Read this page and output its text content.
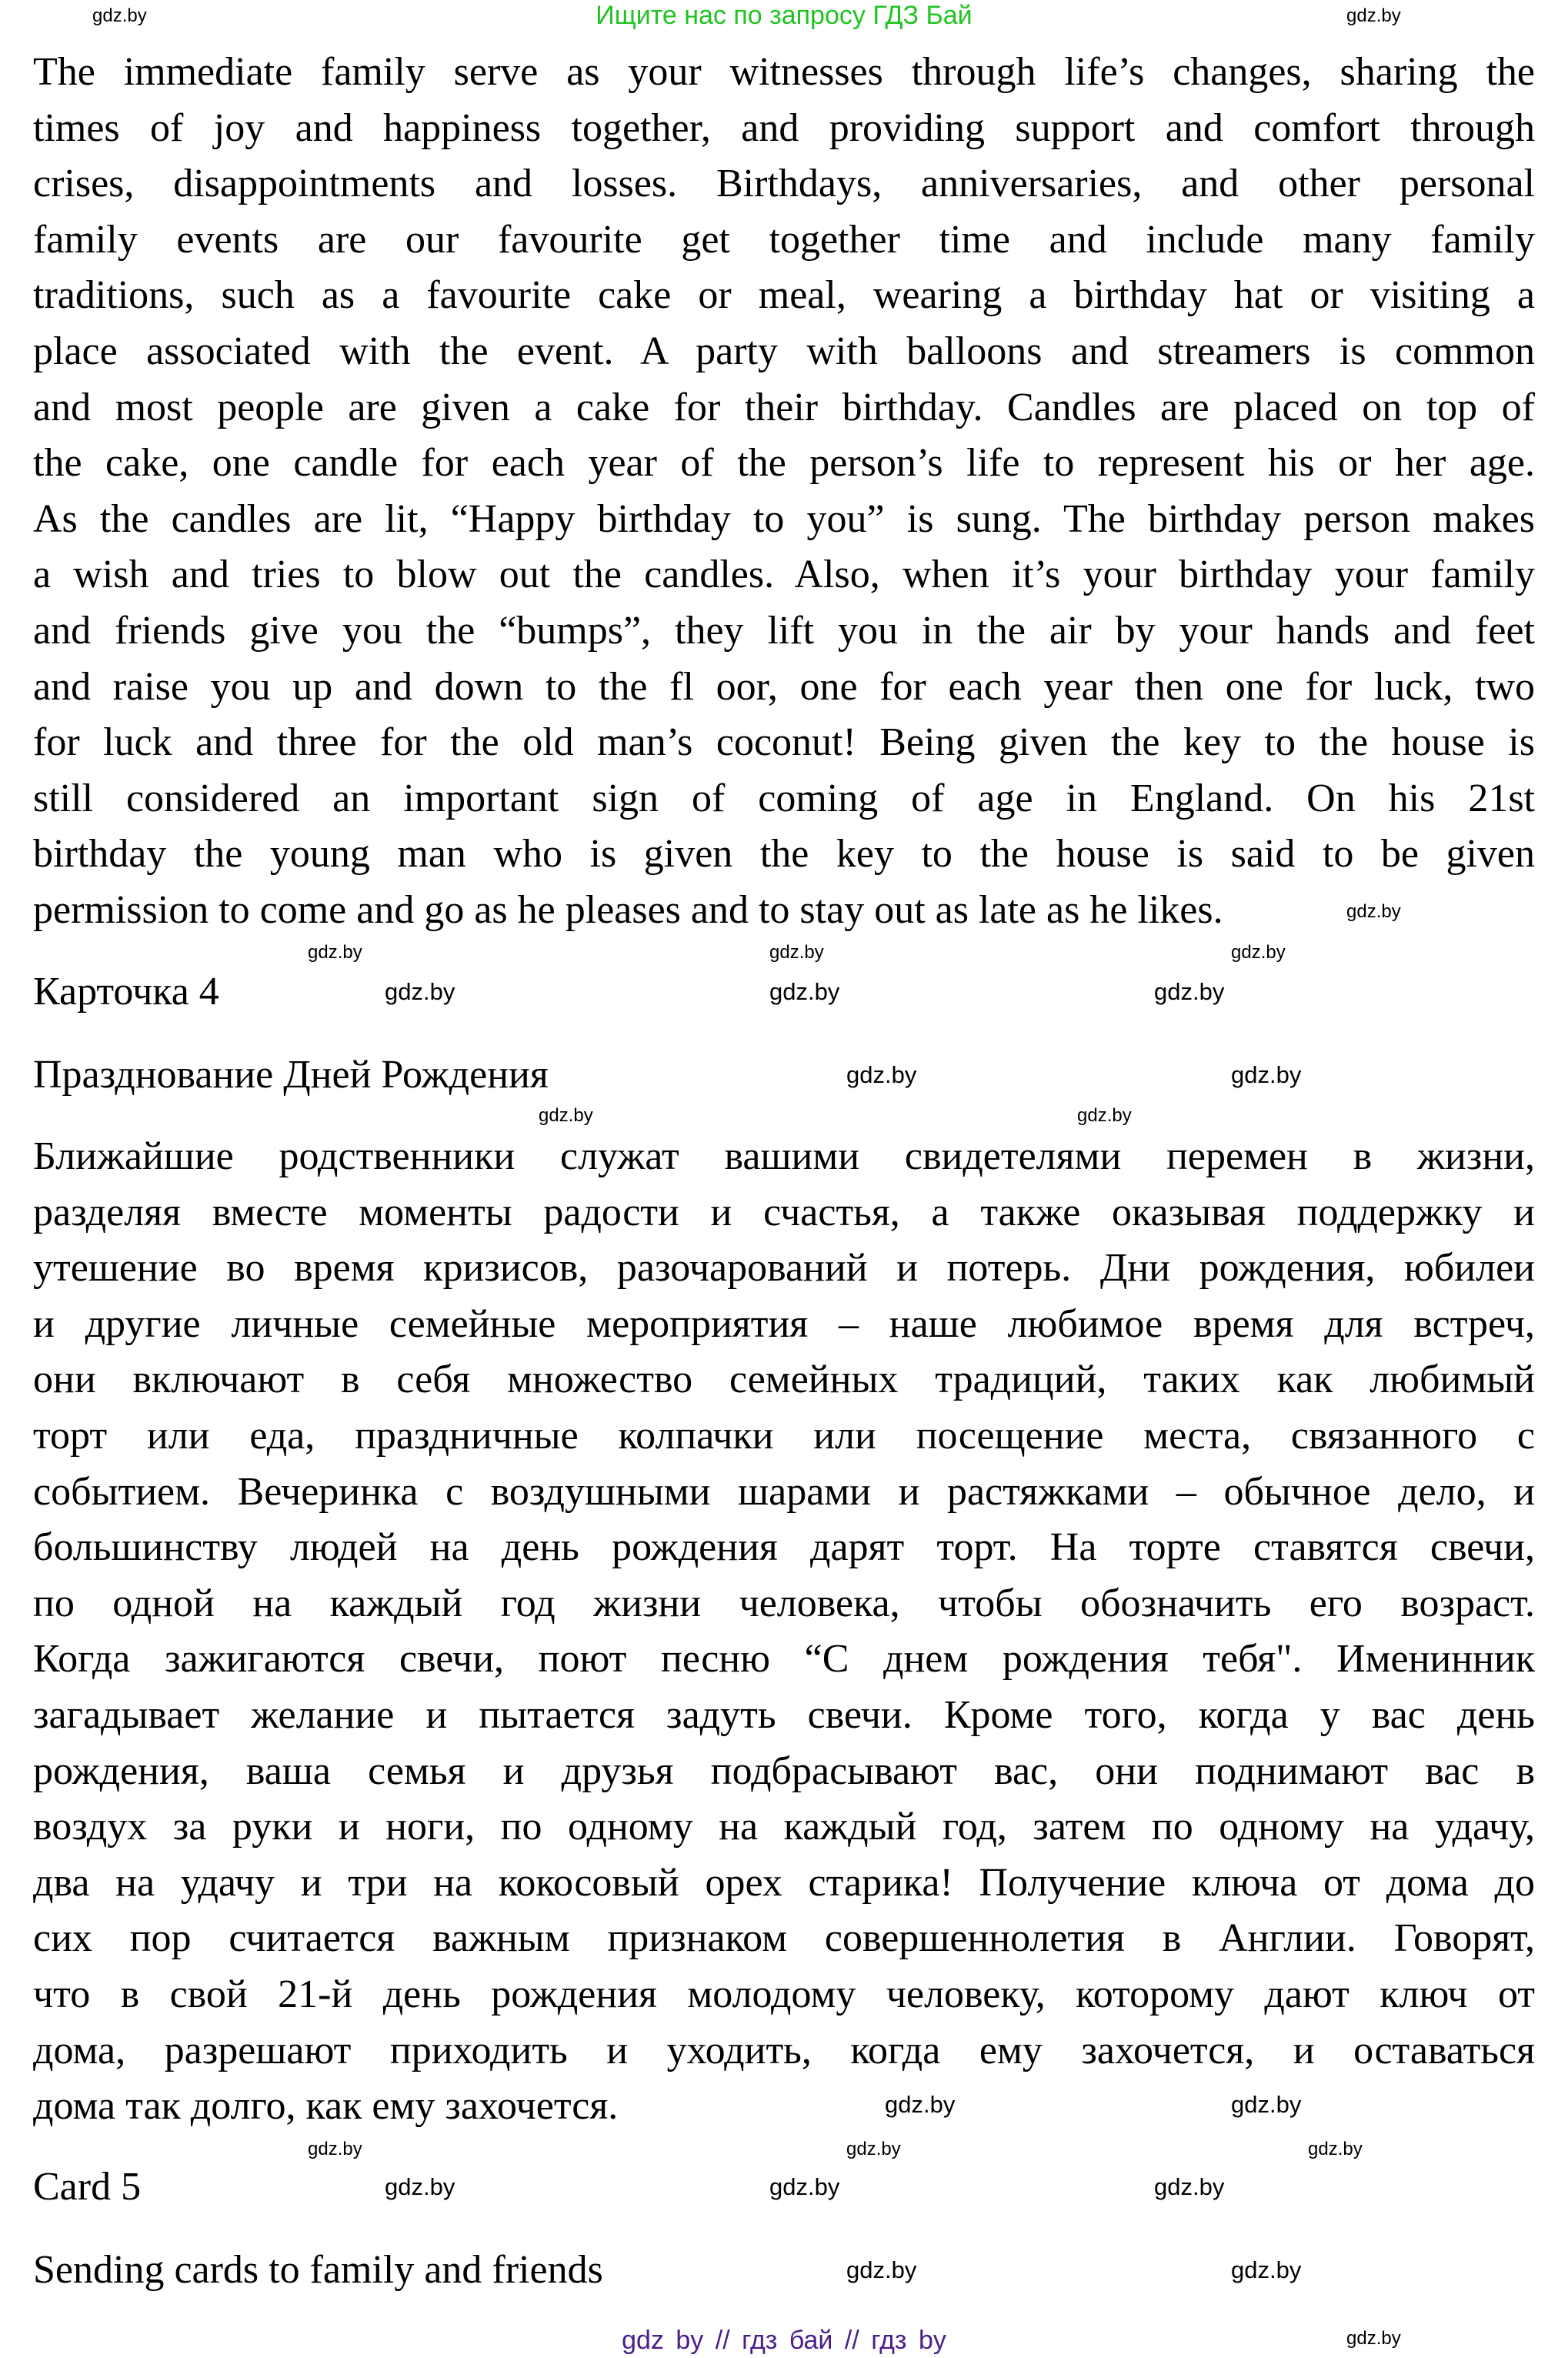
Ищите нас по запросу ГДЗ Бай
The immediate family serve as your witnesses through life’s changes, sharing the
times of joy and happiness together, and providing support and comfort through
crises, disappointments and losses. Birthdays, anniversaries, and other personal
family events are our favourite get together time and include many family
traditions, such as a favourite cake or meal, wearing a birthday hat or visiting a
place associated with the event. A party with balloons and streamers is common
and most people are given a cake for their birthday. Candles are placed on top of
the cake, one candle for each year of the person’s life to represent his or her age.
As the candles are lit, “Happy birthday to you” is sung. The birthday person makes
a wish and tries to blow out the candles. Also, when it’s your birthday your family
and friends give you the “bumps”, they lift you in the air by your hands and feet
and raise you up and down to the fl oor, one for each year then one for luck, two
for luck and three for the old man’s coconut! Being given the key to the house is
still considered an important sign of coming of age in England. On his 21st
birthday the young man who is given the key to the house is said to be given
permission to come and go as he pleases and to stay out as late as he likes.
Карточка 4
Празднование Дней Рождения
Ближайшие родственники служат вашими свидетелями перемен в жизни,
разделяя вместе моменты радости и счастья, а также оказывая поддержку и
утешение во время кризисов, разочарований и потерь. Дни рождения, юбилеи
и другие личные семейные мероприятия – наше любимое время для встреч,
они включают в себя множество семейных традиций, таких как любимый
торт или еда, праздничные колпачки или посещение места, связанного с
событием. Вечеринка с воздушными шарами и растяжками – обычное дело, и
большинству людей на день рождения дарят торт. На торте ставятся свечи,
по одной на каждый год жизни человека, чтобы обозначить его возраст.
Когда зажигаются свечи, поют песню “С днем рождения тебя". Именинник
загадывает желание и пытается задуть свечи. Кроме того, когда у вас день
рождения, ваша семья и друзья подбрасывают вас, они поднимают вас в
воздух за руки и ноги, по одному на каждый год, затем по одному на удачу,
два на удачу и три на кокосовый орех старика! Получение ключа от дома до
сих пор считается важным признаком совершеннолетия в Англии. Говорят,
что в свой 21-й день рождения молодому человеку, которому дают ключ от
дома, разрешают приходить и уходить, когда ему захочется, и оставаться
дома так долго, как ему захочется.
Card 5
Sending cards to family and friends
gdz.by	gdz.by
gdz.by
gdz.by	gdz.by	gdz.by
gdz.by	gdz.by	gdz.by
gdz.by	gdz.by
gdz.by	gdz.by
gdz.by	gdz.by
gdz.by	gdz.by	gdz.by
gdz.by	gdz.by	gdz.by
gdz.by	gdz.by
gdz.by
gdz by // гдз бай // гдз by
